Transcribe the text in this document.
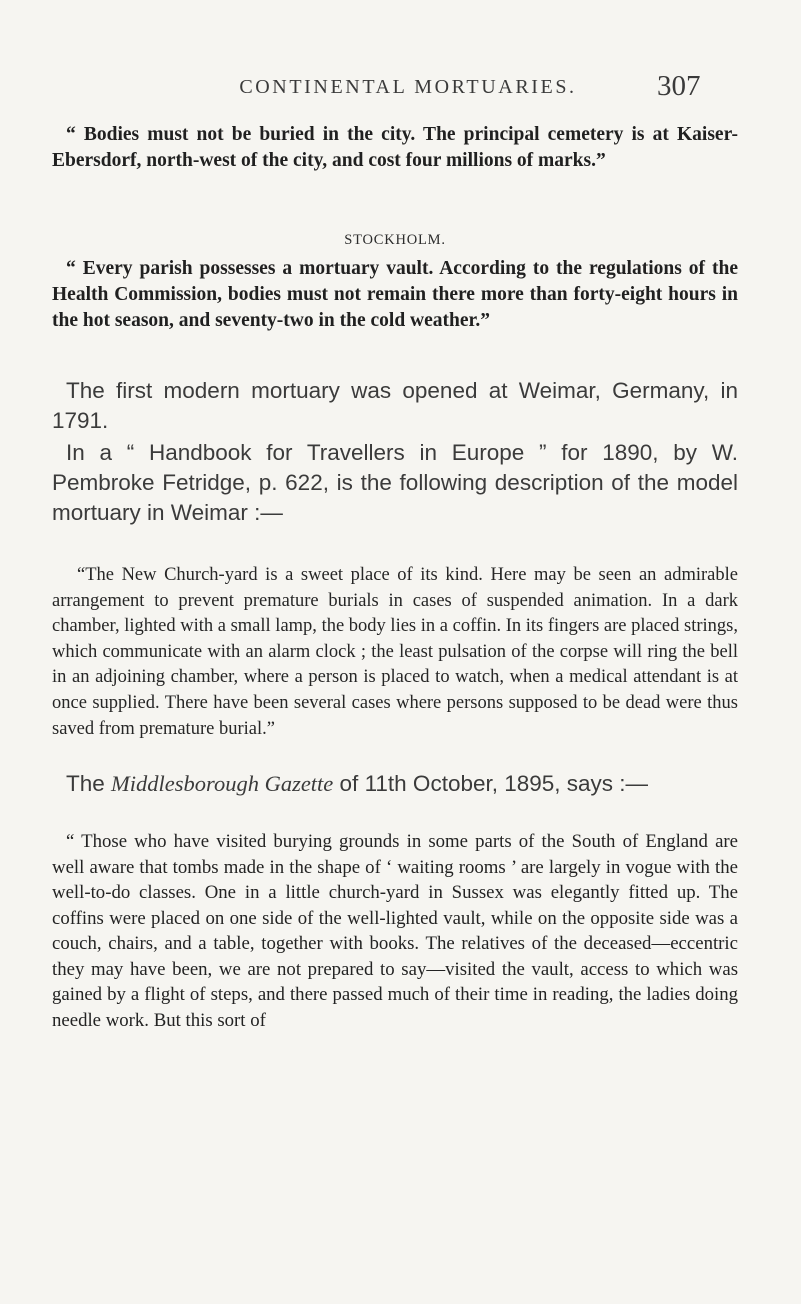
CONTINENTAL MORTUARIES.	307

“ Bodies must not be buried in the city. The principal cemetery is at Kaiser-Ebersdorf, north-west of the city, and cost four millions of marks.”

STOCKHOLM.

“ Every parish possesses a mortuary vault. According to the regulations of the Health Commission, bodies must not remain there more than forty-eight hours in the hot season, and seventy-two in the cold weather.”

The first modern mortuary was opened at Weimar, Germany, in 1791.

In a “ Handbook for Travellers in Europe ” for 1890, by W. Pembroke Fetridge, p. 622, is the following description of the model mortuary in Weimar :—

“The New Church-yard is a sweet place of its kind. Here may be seen an admirable arrangement to prevent premature burials in cases of suspended animation. In a dark chamber, lighted with a small lamp, the body lies in a coffin. In its fingers are placed strings, which communicate with an alarm clock ; the least pulsation of the corpse will ring the bell in an adjoining chamber, where a person is placed to watch, when a medical attendant is at once supplied. There have been several cases where persons supposed to be dead were thus saved from premature burial.”

The Middlesborough Gazette of 11th October, 1895, says :—

“ Those who have visited burying grounds in some parts of the South of England are well aware that tombs made in the shape of ‘ waiting rooms ’ are largely in vogue with the well-to-do classes. One in a little church-yard in Sussex was elegantly fitted up. The coffins were placed on one side of the well-lighted vault, while on the opposite side was a couch, chairs, and a table, together with books. The relatives of the deceased—eccentric they may have been, we are not prepared to say—visited the vault, access to which was gained by a flight of steps, and there passed much of their time in reading, the ladies doing needle work. But this sort of
